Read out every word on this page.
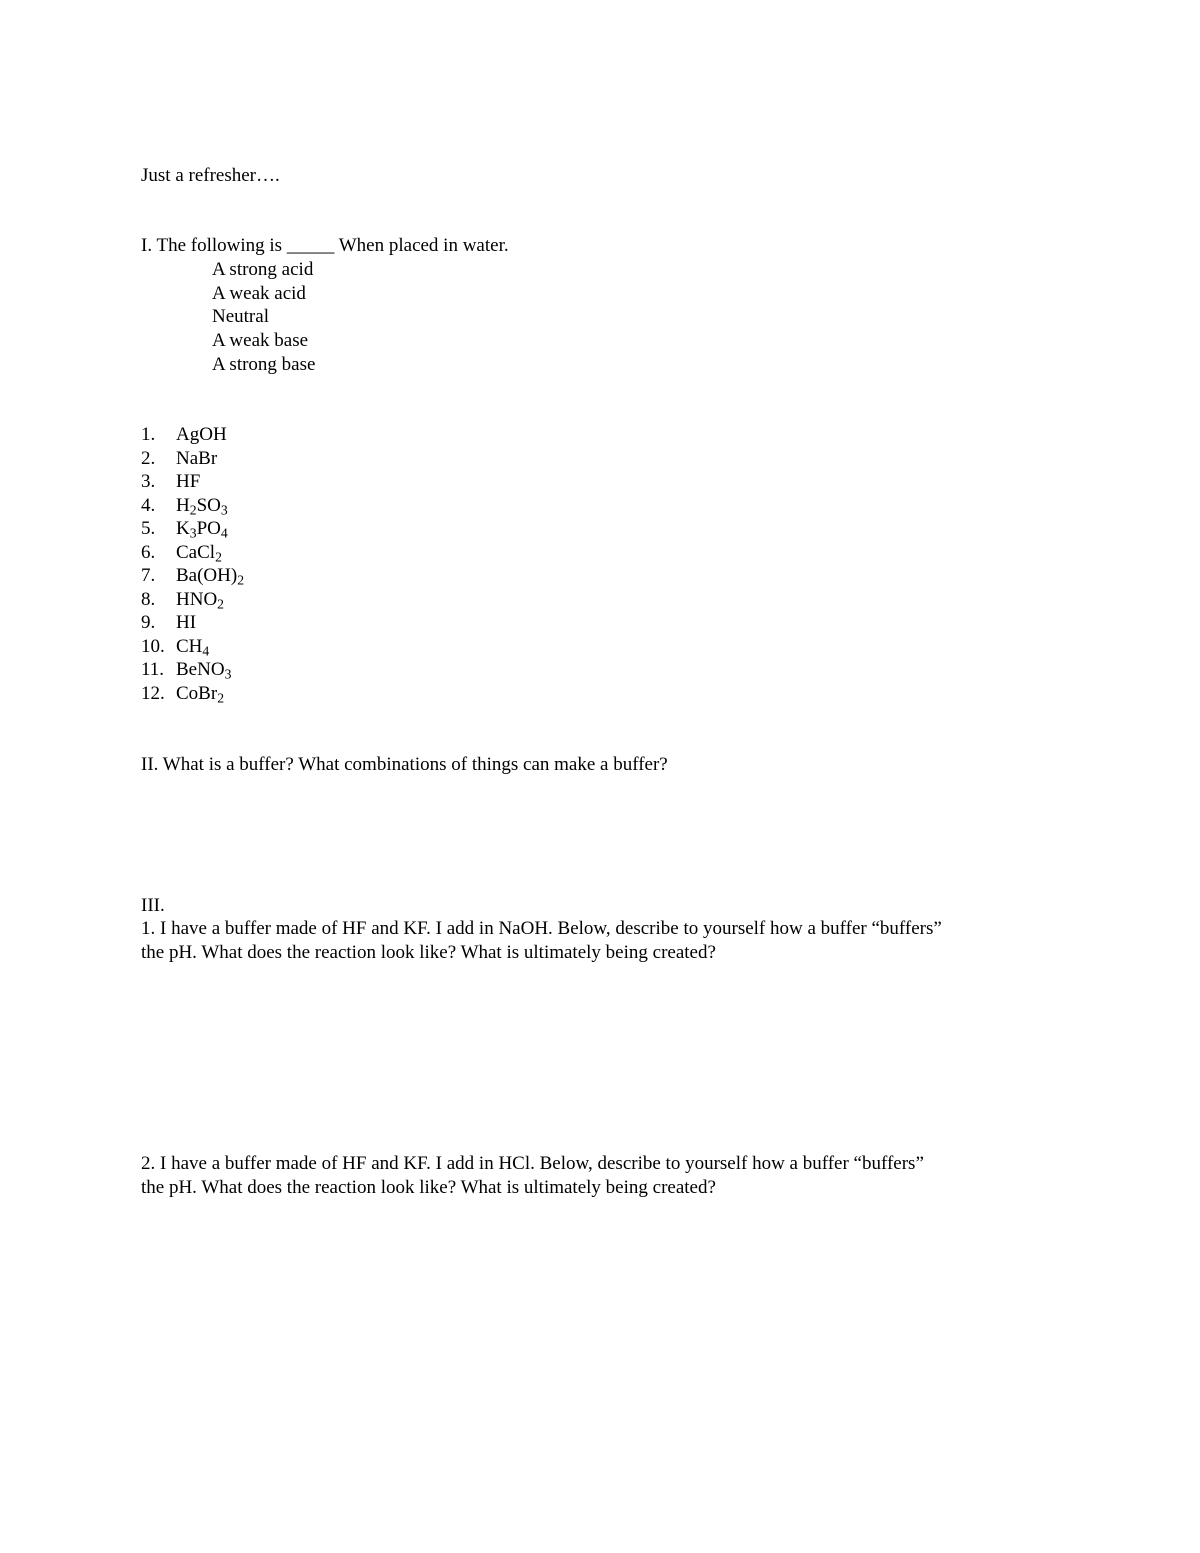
Just a refresher….
I. The following is _____ When placed in water.
A strong acid
A weak acid
Neutral
A weak base
A strong base
1.	AgOH
2.	NaBr
3.	HF
4.	$H_2SO_3$
5.	$K_3PO_4$
6.	CaCl$_2$
7.	$Ba(OH)_2$
8.	$HNO_2$
9.	HI
10. $CH_4$
11. BeNO$_3$
12. CoBr$_2$
II. What is a buffer? What combinations of things can make a buffer?
III.
1. I have a buffer made of HF and KF. I add in NaOH. Below, describe to yourself how a buffer “buffers”
the pH. What does the reaction look like? What is ultimately being created?
2. I have a buffer made of HF and KF. I add in HCl. Below, describe to yourself how a buffer “buffers”
the pH. What does the reaction look like? What is ultimately being created?
